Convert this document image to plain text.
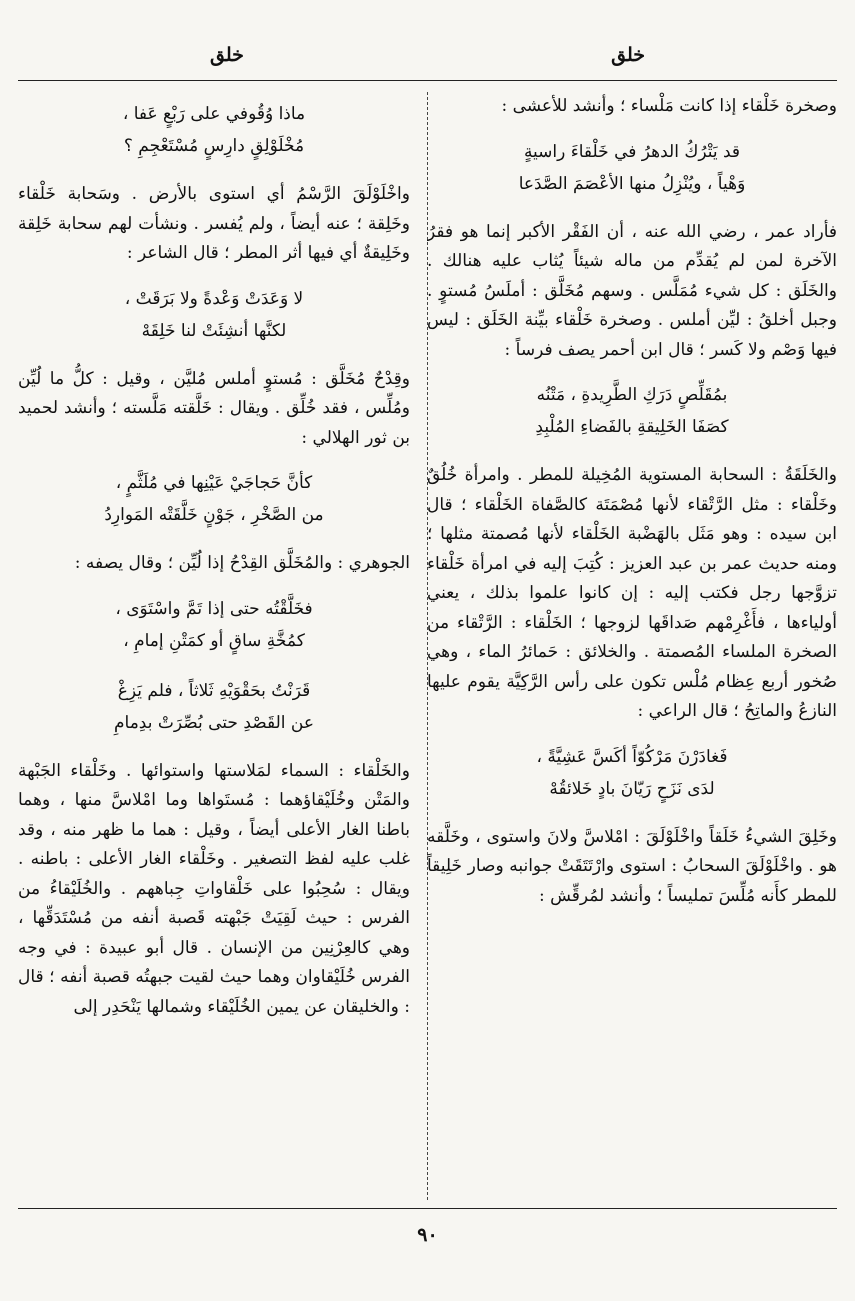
خلق
خلق

وصخرة خَلْقاء إذا كانت مَلْساء ؛ وأنشد للأعشى :

قد يَتْرُكُ الدهرُ في خَلْقاءَ راسيةٍ
وَهْياً ، ويُنْزِلُ منها الأعْصَمَ الصَّدَعا

فأراد عمر ، رضي الله عنه ، أن الفَقْر الأكبر إنما هو فقرُ الآخرة لمن لم يُقدِّم من ماله شيئاً يُثاب عليه هنالك . والخَلَق : كل شيء مُمَلَّس . وسهم مُخَلَّق : أملَسُ مُستوٍ . وجبل أخلقُ : ليِّن أملس . وصخرة خَلْقاء بيِّنة الخَلَق : ليس فيها وَصْم ولا كَسر ؛ قال ابن أحمر يصف فرساً :

بمُقَلِّصٍ دَرَكِ الطَّرِيدةِ ، مَتْنُه
كصَفَا الخَلِيقةِ بالفَضاءِ المُلْبِدِ

والخَلَقَةُ : السحابة المستوية المُخِيلة للمطر . وامرأة خُلُقٌ وخَلْقاء : مثل الرَّتْقاء لأنها مُصْمَتَة كالصَّفاة الخَلْقاء ؛ قال ابن سيده : وهو مَثَل بالهَضْبة الخَلْقاء لأنها مُصمتة مثلها ؛ ومنه حديث عمر بن عبد العزيز : كُتِبَ إليه في امرأة خَلْقاء تزوَّجها رجل فكتب إليه : إن كانوا علموا بذلك ، يعني أولياءها ، فأَغْرِمْهم صَداقَها لزوجها ؛ الخَلْقاء : الرَّتْقاء من الصخرة الملساء المُصمتة . والخلائق : حَمائرُ الماء ، وهي صُخور أربع عِظام مُلْس تكون على رأس الرَّكِيَّة يقوم عليها النازعُ والماتِحُ ؛ قال الراعي :

فَغادَرْنَ مَرْكُوّاً أكَسَّ عَشِيَّةً ،
لدَى نَزَحٍ رَيّانَ بادٍ خَلائقُهْ

وخَلِقَ الشيءُ خَلَقاً واخْلَوْلَقَ : امْلاسَّ ولانَ واستوى ، وخَلَّقه هو . واخْلَوْلَقَ السحابُ : استوى وارْتَتَقَتْ جوانبه وصار خَلِيقاً للمطر كأَنه مُلِّسَ تمليساً ؛ وأنشد لمُرقِّش :

ماذا وُقُوفي على رَبْعٍ عَفا ،
مُخْلَوْلِقٍ دارِسٍ مُسْتَعْجِمِ ؟

واخْلَوْلَقَ الرَّسْمُ أي استوى بالأرض . وسَحابة خَلْقاء وخَلِقة ؛ عنه أيضاً ، ولم يُفسر . ونشأت لهم سحابة خَلِقة وخَلِيقةٌ أي فيها أثر المطر ؛ قال الشاعر :

لا وَعَدَتْ وَعْدةً ولا بَرَقَتْ ،
لكنَّها أنشِئَتْ لنا خَلِقَهْ

وقِدْحٌ مُخَلَّق : مُستوٍ أملس مُليَّن ، وقيل : كلُّ ما لُيِّن ومُلِّس ، فقد خُلِّق . ويقال : خَلَّقته مَلَّسته ؛ وأنشد لحميد بن ثور الهلالي :

كأنَّ حَجاجَيْ عَيْنِها في مُلَثَّمٍ ،
من الصَّخْرِ ، جَوْنٍ خَلَّقَتْه المَوارِدُ

الجوهري : والمُخَلَّق القِدْحُ إذا لُيِّن ؛ وقال يصفه :

فخَلَّقْتُه حتى إذا تَمَّ واسْتَوَى ،
كمُخَّةِ ساقٍ أو كمَتْنِ إمامِ ،
قَرَنْتُ بحَقْوَيْهِ ثَلاثاً ، فلم يَزِغْ
عن القَصْدِ حتى بُصِّرَتْ بدِمامِ

والخَلْقاء : السماء لمَلاستها واستوائها . وخَلْقاء الجَبْهة والمَتْن وخُلَيْقاؤهما : مُستَواها وما امْلاسَّ منها ، وهما باطنا الغار الأعلى أيضاً ، وقيل : هما ما ظهر منه ، وقد غلب عليه لفظ التصغير . وخَلْقاء الغار الأعلى : باطنه . ويقال : سُحِبُوا على خَلْقاواتِ جِباههم . والخُلَيْقاءُ من الفرس : حيث لَقِيَتْ جَبْهته قَصبة أنفه من مُسْتَدَقِّها ، وهي كالعِرْنِين من الإنسان . قال أبو عبيدة : في وجه الفرس خُلَيْقاوان وهما حيث لقيت جبهتُه قصبة أنفه ؛ قال : والخليقان عن يمين الخُلَيْقاء وشمالها يَنْحَدِر إلى

٩٠
